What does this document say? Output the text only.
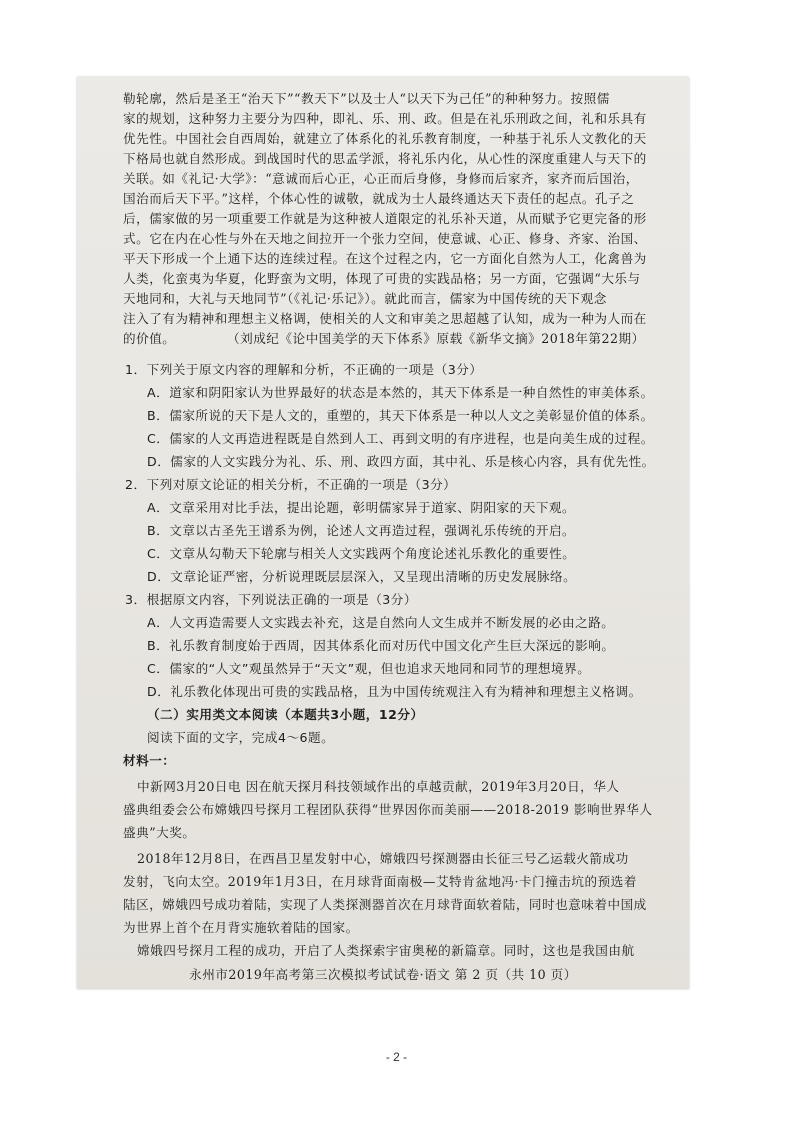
勒轮廓，然后是圣王“治天下”“教天下”以及士人“以天下为己任”的种种努力。按照儒
家的规划，这种努力主要分为四种，即礼、乐、刑、政。但是在礼乐刑政之间，礼和乐具有
优先性。中国社会自西周始，就建立了体系化的礼乐教育制度，一种基于礼乐人文教化的天
下格局也就自然形成。到战国时代的思孟学派，将礼乐内化，从心性的深度重建人与天下的
关联。如《礼记·大学》：“意诚而后心正，心正而后身修，身修而后家齐，家齐而后国治，
国治而后天下平。”这样，个体心性的诚敬，就成为士人最终通达天下责任的起点。孔子之
后，儒家做的另一项重要工作就是为这种被人道限定的礼乐补天道，从而赋予它更完备的形
式。它在内在心性与外在天地之间拉开一个张力空间，使意诚、心正、修身、齐家、治国、
平天下形成一个上通下达的连续过程。在这个过程之内，它一方面化自然为人工，化禽兽为
人类，化蛮夷为华夏，化野蛮为文明，体现了可贵的实践品格；另一方面，它强调“大乐与
天地同和，大礼与天地同节”（《礼记·乐记》）。就此而言，儒家为中国传统的天下观念
注入了有为精神和理想主义格调，使相关的人文和审美之思超越了认知，成为一种为人而在
的价值。	（刘成纪《论中国美学的天下体系》原载《新华文摘》2018年第22期）
1．下列关于原文内容的理解和分析，不正确的一项是（3分）
A．道家和阴阳家认为世界最好的状态是本然的，其天下体系是一种自然性的审美体系。
B．儒家所说的天下是人文的，重塑的，其天下体系是一种以人文之美彰显价值的体系。
C．儒家的人文再造进程既是自然到人工、再到文明的有序进程，也是向美生成的过程。
D．儒家的人文实践分为礼、乐、刑、政四方面，其中礼、乐是核心内容，具有优先性。
2．下列对原文论证的相关分析，不正确的一项是（3分）
A．文章采用对比手法，提出论题，彰明儒家异于道家、阴阳家的天下观。
B．文章以古圣先王谱系为例，论述人文再造过程，强调礼乐传统的开启。
C．文章从勾勒天下轮廓与相关人文实践两个角度论述礼乐教化的重要性。
D．文章论证严密，分析说理既层层深入，又呈现出清晰的历史发展脉络。
3．根据原文内容，下列说法正确的一项是（3分）
A．人文再造需要人文实践去补充，这是自然向人文生成并不断发展的必由之路。
B．礼乐教育制度始于西周，因其体系化而对历代中国文化产生巨大深远的影响。
C．儒家的“人文”观虽然异于“天文”观，但也追求天地同和同节的理想境界。
D．礼乐教化体现出可贵的实践品格，且为中国传统观注入有为精神和理想主义格调。
（二）实用类文本阅读（本题共3小题，12分）
阅读下面的文字，完成4～6题。
材料一：
中新网3月20日电 因在航天探月科技领域作出的卓越贡献，2019年3月20日，华人
盛典组委会公布嫦娥四号探月工程团队获得“世界因你而美丽——2018-2019 影响世界华人
盛典”大奖。
2018年12月8日，在西昌卫星发射中心，嫦娥四号探测器由长征三号乙运载火箭成功
发射，飞向太空。2019年1月3日，在月球背面南极—艾特肯盆地冯·卡门撞击坑的预选着
陆区，嫦娥四号成功着陆，实现了人类探测器首次在月球背面软着陆，同时也意味着中国成
为世界上首个在月背实施软着陆的国家。
嫦娥四号探月工程的成功，开启了人类探索宇宙奥秘的新篇章。同时，这也是我国由航
永州市2019年高考第三次模拟考试试卷·语文 第 2 页（共 10 页）
- 2 -
